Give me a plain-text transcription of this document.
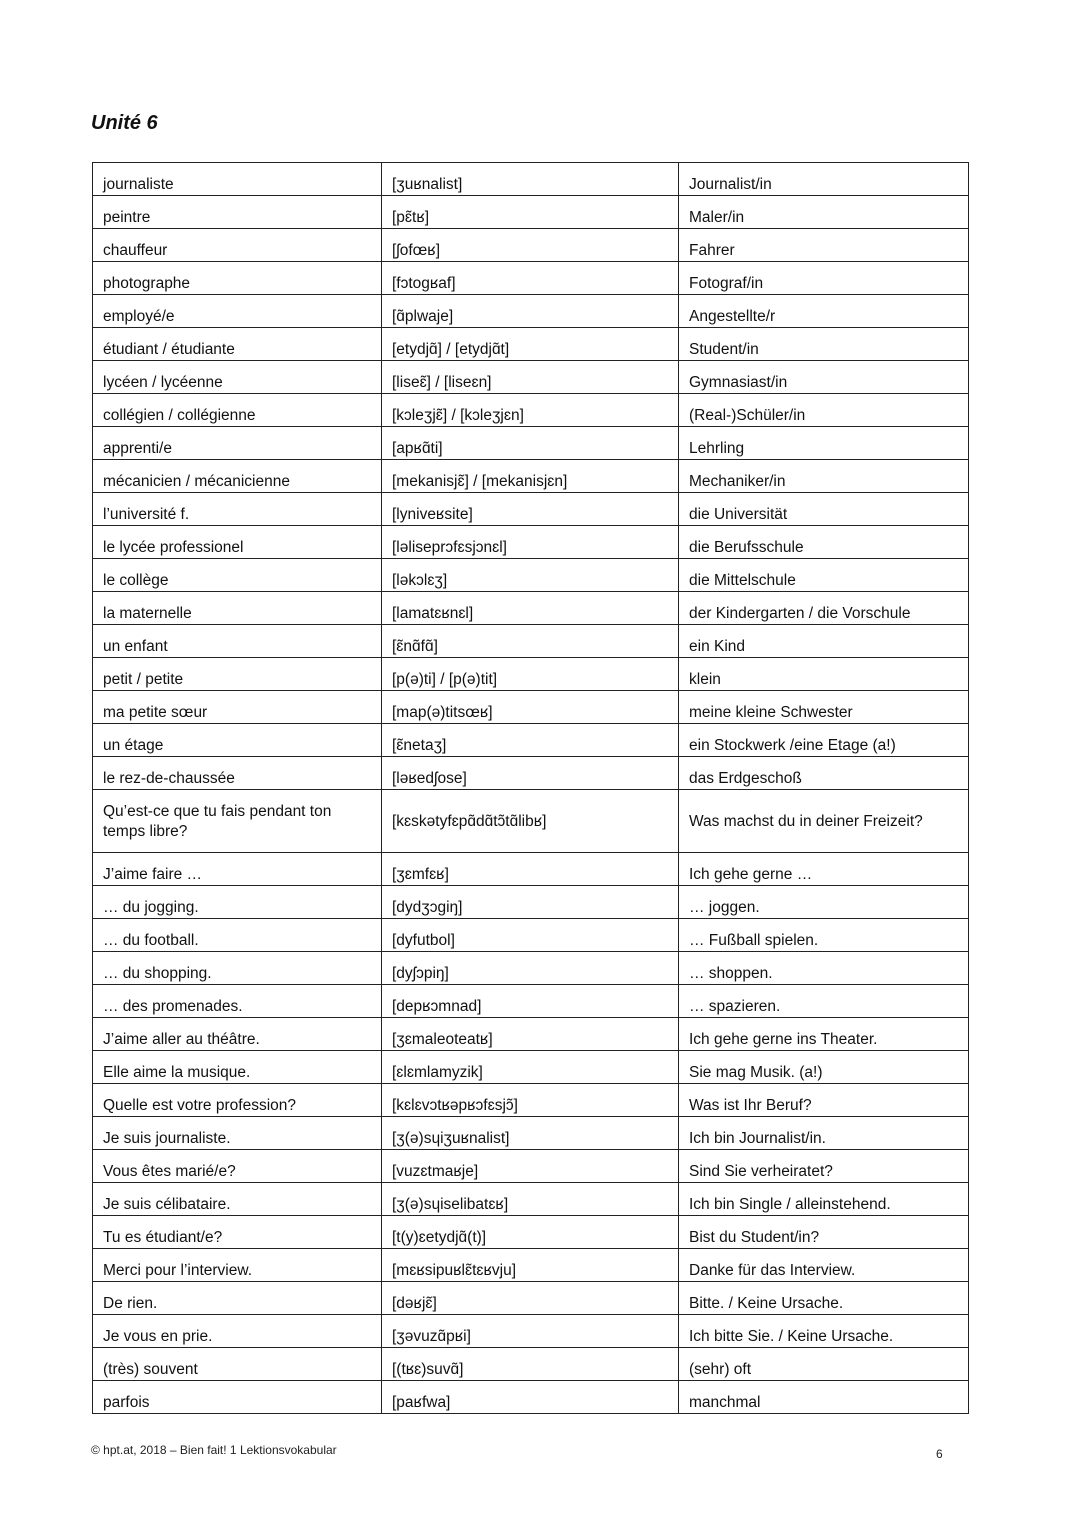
Unité 6
journaliste	[ʒuʁnalist]	Journalist/in
peintre	[pɛ̃tʁ]	Maler/in
chauffeur	[ʃofœʁ]	Fahrer
photographe	[fɔtogʁaf]	Fotograf/in
employé/e	[ɑ̃plwaje]	Angestellte/r
étudiant / étudiante	[etydjɑ̃] / [etydjɑ̃t]	Student/in
lycéen / lycéenne	[liseɛ̃] / [liseɛn]	Gymnasiast/in
collégien / collégienne	[kɔleʒjɛ̃] / [kɔleʒjɛn]	(Real-)Schüler/in
apprenti/e	[apʁɑ̃ti]	Lehrling
mécanicien / mécanicienne	[mekanisjɛ̃] / [mekanisjɛn]	Mechaniker/in
l’université f.	[lyniveʁsite]	die Universität
le lycée professionel	[ləliseprɔfɛsjɔnɛl]	die Berufsschule
le collège	[ləkɔlɛʒ]	die Mittelschule
la maternelle	[lamatɛʁnɛl]	der Kindergarten / die Vorschule
un enfant	[ɛ̃nɑ̃fɑ̃]	ein Kind
petit / petite	[p(ə)ti] / [p(ə)tit]	klein
ma petite sœur	[map(ə)titsœʁ]	meine kleine Schwester
un étage	[ɛ̃netaʒ]	ein Stockwerk /eine Etage (a!)
le rez-de-chaussée	[ləʁedʃose]	das Erdgeschoß
Qu’est-ce que tu fais pendant ton temps libre?	[kɛskətyfɛpɑ̃dɑ̃tɔ̃tɑ̃libʁ]	Was machst du in deiner Freizeit?
J’aime faire …	[ʒɛmfɛʁ]	Ich gehe gerne …
… du jogging.	[dydʒɔgiŋ]	… joggen.
… du football.	[dyfutbol]	… Fußball spielen.
… du shopping.	[dyʃɔpiŋ]	… shoppen.
… des promenades.	[depʁɔmnad]	… spazieren.
J’aime aller au théâtre.	[ʒɛmaleoteatʁ]	Ich gehe gerne ins Theater.
Elle aime la musique.	[ɛlɛmlamyzik]	Sie mag Musik. (a!)
Quelle est votre profession?	[kɛlɛvɔtʁəpʁɔfɛsjɔ̃]	Was ist Ihr Beruf?
Je suis journaliste.	[ʒ(ə)sɥiʒuʁnalist]	Ich bin Journalist/in.
Vous êtes marié/e?	[vuzɛtmaʁje]	Sind Sie verheiratet?
Je suis célibataire.	[ʒ(ə)sɥiselibatɛʁ]	Ich bin Single / alleinstehend.
Tu es étudiant/e?	[t(y)ɛetydjɑ̃(t)]	Bist du Student/in?
Merci pour l’interview.	[mɛʁsipuʁlɛ̃tɛʁvju]	Danke für das Interview.
De rien.	[dəʁjɛ̃]	Bitte. / Keine Ursache.
Je vous en prie.	[ʒəvuzɑ̃pʁi]	Ich bitte Sie. / Keine Ursache.
(très) souvent	[(tʁɛ)suvɑ̃]	(sehr) oft
parfois	[paʁfwa]	manchmal
© hpt.at, 2018 – Bien fait! 1 Lektionsvokabular	6
